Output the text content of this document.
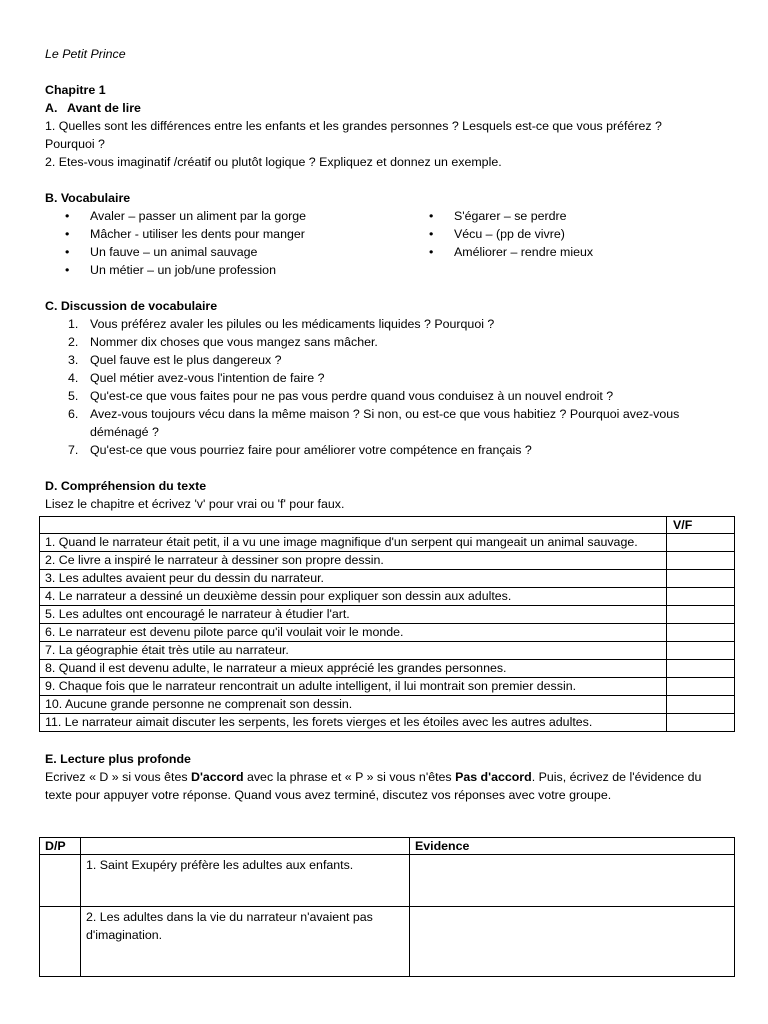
Le Petit Prince

Chapitre 1

A. Avant de lire

1. Quelles sont les différences entre les enfants et les grandes personnes ? Lesquels est-ce que vous préférez ?

Pourquoi ?

2. Etes-vous imaginatif /créatif ou plutôt logique ? Expliquez et donnez un exemple.

B. Vocabulaire

• Avaler – passer un aliment par la gorge
• Mâcher - utiliser les dents pour manger
• Un fauve – un animal sauvage
• Un métier – un job/une profession
• S'égarer – se perdre
• Vécu – (pp de vivre)
• Améliorer – rendre mieux

C. Discussion de vocabulaire

1. Vous préférez avaler les pilules ou les médicaments liquides ? Pourquoi ?
2. Nommer dix choses que vous mangez sans mâcher.
3. Quel fauve est le plus dangereux ?
4. Quel métier avez-vous l'intention de faire ?
5. Qu'est-ce que vous faites pour ne pas vous perdre quand vous conduisez à un nouvel endroit ?
6. Avez-vous toujours vécu dans la même maison ? Si non, ou est-ce que vous habitiez ? Pourquoi avez-vous
déménagé ?
7. Qu'est-ce que vous pourriez faire pour améliorer votre compétence en français ?

D. Compréhension du texte

Lisez le chapitre et écrivez 'v' pour vrai ou 'f' pour faux.

	V/F
1. Quand le narrateur était petit, il a vu une image magnifique d'un serpent qui mangeait un animal sauvage.	
2. Ce livre a inspiré le narrateur à dessiner son propre dessin.	
3. Les adultes avaient peur du dessin du narrateur.	
4. Le narrateur a dessiné un deuxième dessin pour expliquer son dessin aux adultes.	
5. Les adultes ont encouragé le narrateur à étudier l'art.	
6. Le narrateur est devenu pilote parce qu'il voulait voir le monde.	
7. La géographie était très utile au narrateur.	
8. Quand il est devenu adulte, le narrateur a mieux apprécié les grandes personnes.	
9. Chaque fois que le narrateur rencontrait un adulte intelligent, il lui montrait son premier dessin.	
10. Aucune grande personne ne comprenait son dessin.	
11. Le narrateur aimait discuter les serpents, les forets vierges et les étoiles avec les autres adultes.	

E. Lecture plus profonde

Ecrivez « D » si vous êtes D'accord avec la phrase et « P » si vous n'êtes Pas d'accord. Puis, écrivez de l'évidence du

texte pour appuyer votre réponse. Quand vous avez terminé, discutez vos réponses avec votre groupe.

D/P		Evidence
	1. Saint Exupéry préfère les adultes aux enfants.	
	2. Les adultes dans la vie du narrateur n'avaient pas
d'imagination.	
